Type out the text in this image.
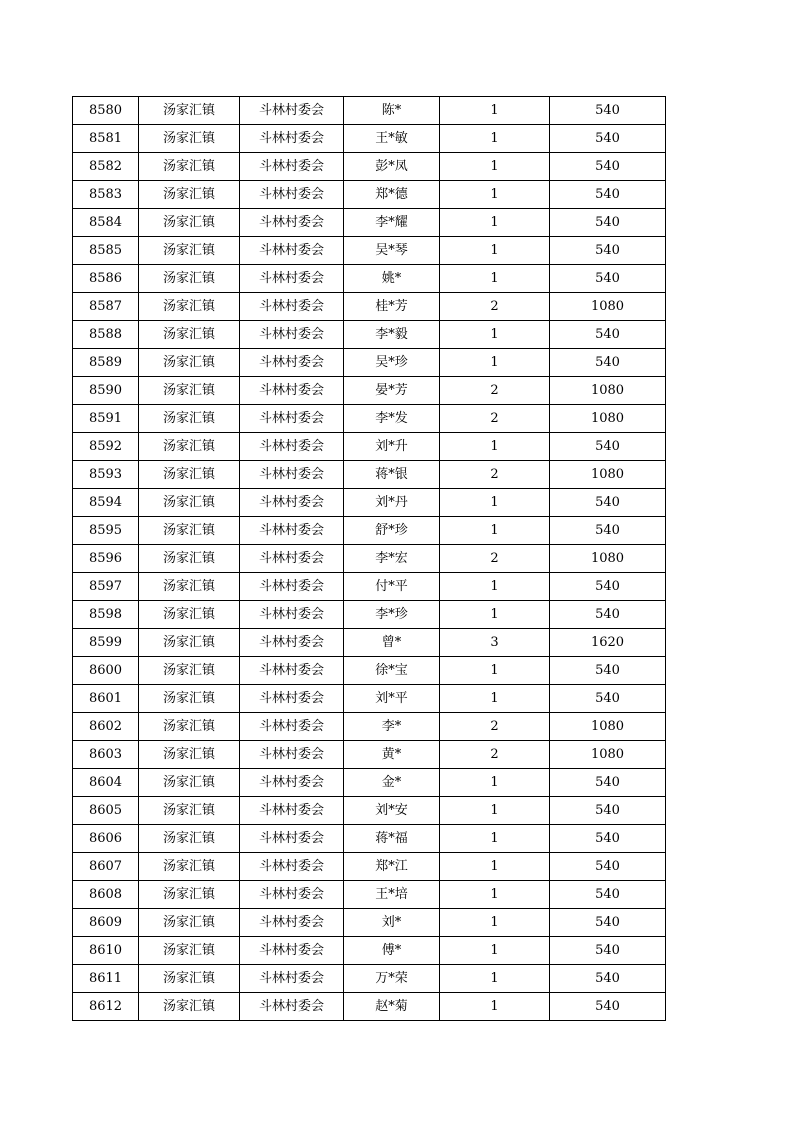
8580	汤家汇镇	斗林村委会	陈*	1	540
8581	汤家汇镇	斗林村委会	王*敏	1	540
8582	汤家汇镇	斗林村委会	彭*凤	1	540
8583	汤家汇镇	斗林村委会	郑*德	1	540
8584	汤家汇镇	斗林村委会	李*耀	1	540
8585	汤家汇镇	斗林村委会	吴*琴	1	540
8586	汤家汇镇	斗林村委会	姚*	1	540
8587	汤家汇镇	斗林村委会	桂*芳	2	1080
8588	汤家汇镇	斗林村委会	李*毅	1	540
8589	汤家汇镇	斗林村委会	吴*珍	1	540
8590	汤家汇镇	斗林村委会	晏*芳	2	1080
8591	汤家汇镇	斗林村委会	李*发	2	1080
8592	汤家汇镇	斗林村委会	刘*升	1	540
8593	汤家汇镇	斗林村委会	蒋*银	2	1080
8594	汤家汇镇	斗林村委会	刘*丹	1	540
8595	汤家汇镇	斗林村委会	舒*珍	1	540
8596	汤家汇镇	斗林村委会	李*宏	2	1080
8597	汤家汇镇	斗林村委会	付*平	1	540
8598	汤家汇镇	斗林村委会	李*珍	1	540
8599	汤家汇镇	斗林村委会	曾*	3	1620
8600	汤家汇镇	斗林村委会	徐*宝	1	540
8601	汤家汇镇	斗林村委会	刘*平	1	540
8602	汤家汇镇	斗林村委会	李*	2	1080
8603	汤家汇镇	斗林村委会	黄*	2	1080
8604	汤家汇镇	斗林村委会	金*	1	540
8605	汤家汇镇	斗林村委会	刘*安	1	540
8606	汤家汇镇	斗林村委会	蒋*福	1	540
8607	汤家汇镇	斗林村委会	郑*江	1	540
8608	汤家汇镇	斗林村委会	王*培	1	540
8609	汤家汇镇	斗林村委会	刘*	1	540
8610	汤家汇镇	斗林村委会	傅*	1	540
8611	汤家汇镇	斗林村委会	万*荣	1	540
8612	汤家汇镇	斗林村委会	赵*菊	1	540
